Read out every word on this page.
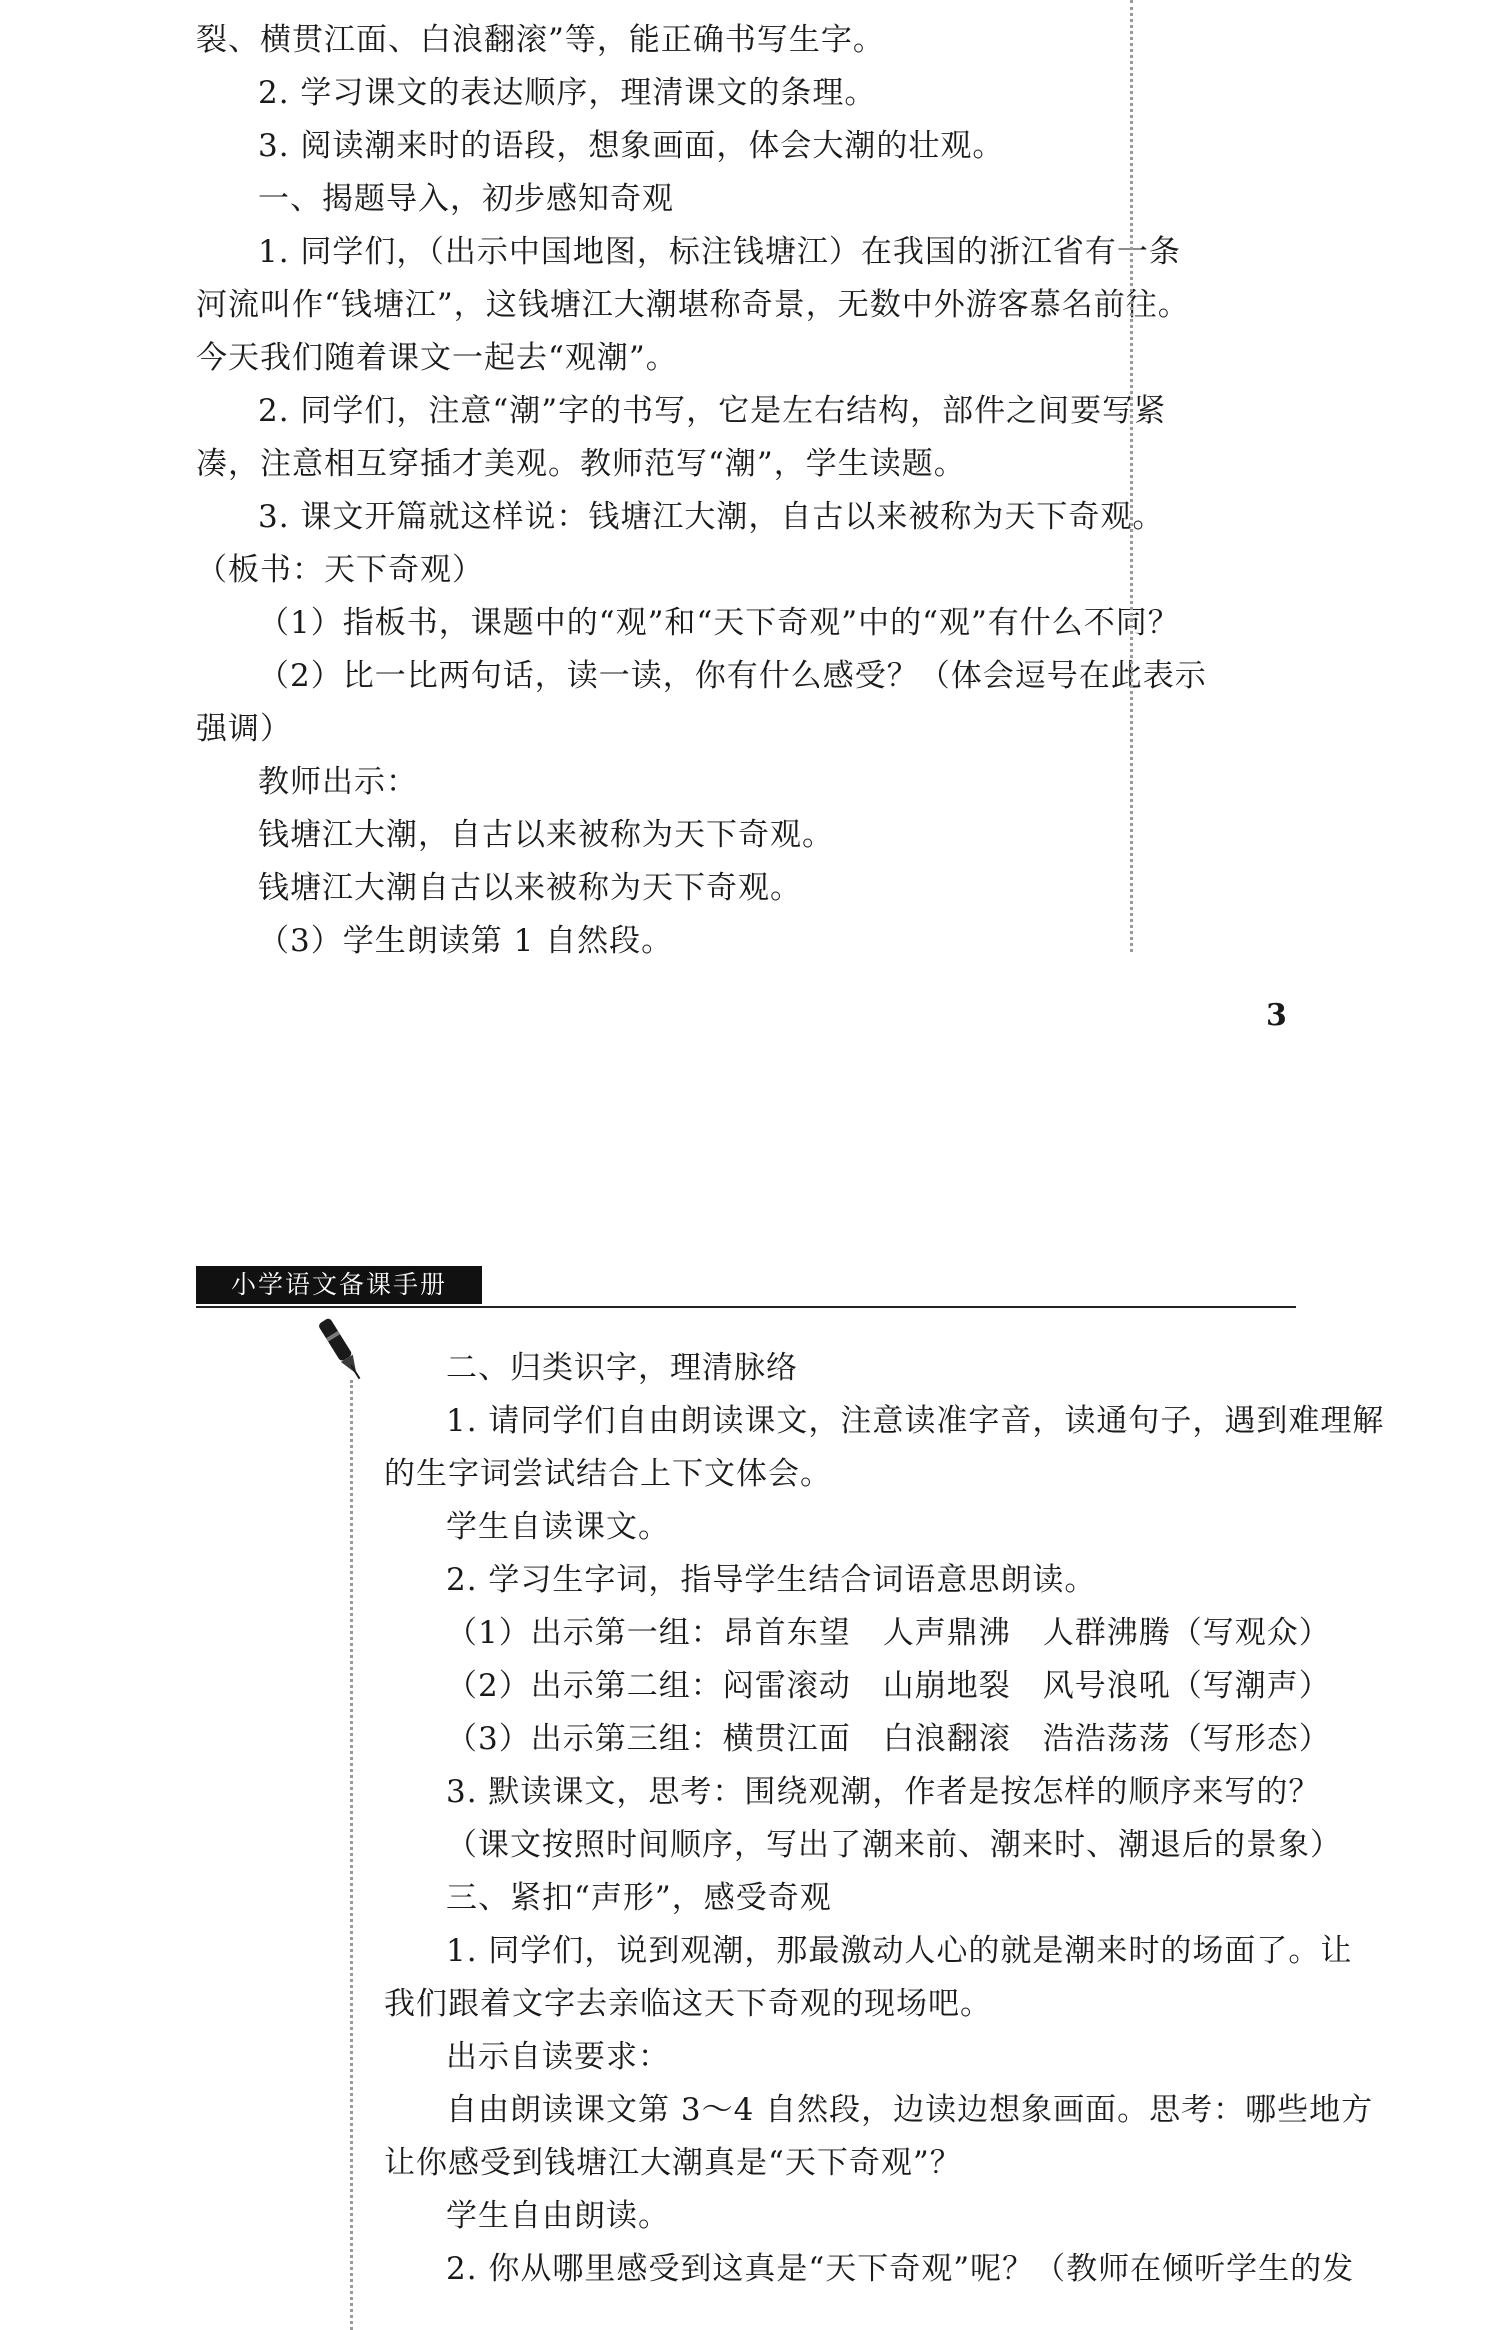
裂、横贯江面、白浪翻滚”等，能正确书写生字。

2. 学习课文的表达顺序，理清课文的条理。

3. 阅读潮来时的语段，想象画面，体会大潮的壮观。

一、揭题导入，初步感知奇观

1. 同学们，（出示中国地图，标注钱塘江）在我国的浙江省有一条

河流叫作“钱塘江”，这钱塘江大潮堪称奇景，无数中外游客慕名前往。

今天我们随着课文一起去“观潮”。

2. 同学们，注意“潮”字的书写，它是左右结构，部件之间要写紧

凑，注意相互穿插才美观。教师范写“潮”，学生读题。

3. 课文开篇就这样说：钱塘江大潮，自古以来被称为天下奇观。

（板书：天下奇观）

（1）指板书，课题中的“观”和“天下奇观”中的“观”有什么不同？

（2）比一比两句话，读一读，你有什么感受？（体会逗号在此表示

强调）

教师出示：

钱塘江大潮，自古以来被称为天下奇观。

钱塘江大潮自古以来被称为天下奇观。

（3）学生朗读第 1 自然段。

3
小学语文备课手册

二、归类识字，理清脉络

1. 请同学们自由朗读课文，注意读准字音，读通句子，遇到难理解

的生字词尝试结合上下文体会。

学生自读课文。

2. 学习生字词，指导学生结合词语意思朗读。

（1）出示第一组：昂首东望　人声鼎沸　人群沸腾（写观众）

（2）出示第二组：闷雷滚动　山崩地裂　风号浪吼（写潮声）

（3）出示第三组：横贯江面　白浪翻滚　浩浩荡荡（写形态）

3. 默读课文，思考：围绕观潮，作者是按怎样的顺序来写的？

（课文按照时间顺序，写出了潮来前、潮来时、潮退后的景象）

三、紧扣“声形”，感受奇观

1. 同学们，说到观潮，那最激动人心的就是潮来时的场面了。让

我们跟着文字去亲临这天下奇观的现场吧。

出示自读要求：

自由朗读课文第 3～4 自然段，边读边想象画面。思考：哪些地方

让你感受到钱塘江大潮真是“天下奇观”？

学生自由朗读。

2. 你从哪里感受到这真是“天下奇观”呢？（教师在倾听学生的发
